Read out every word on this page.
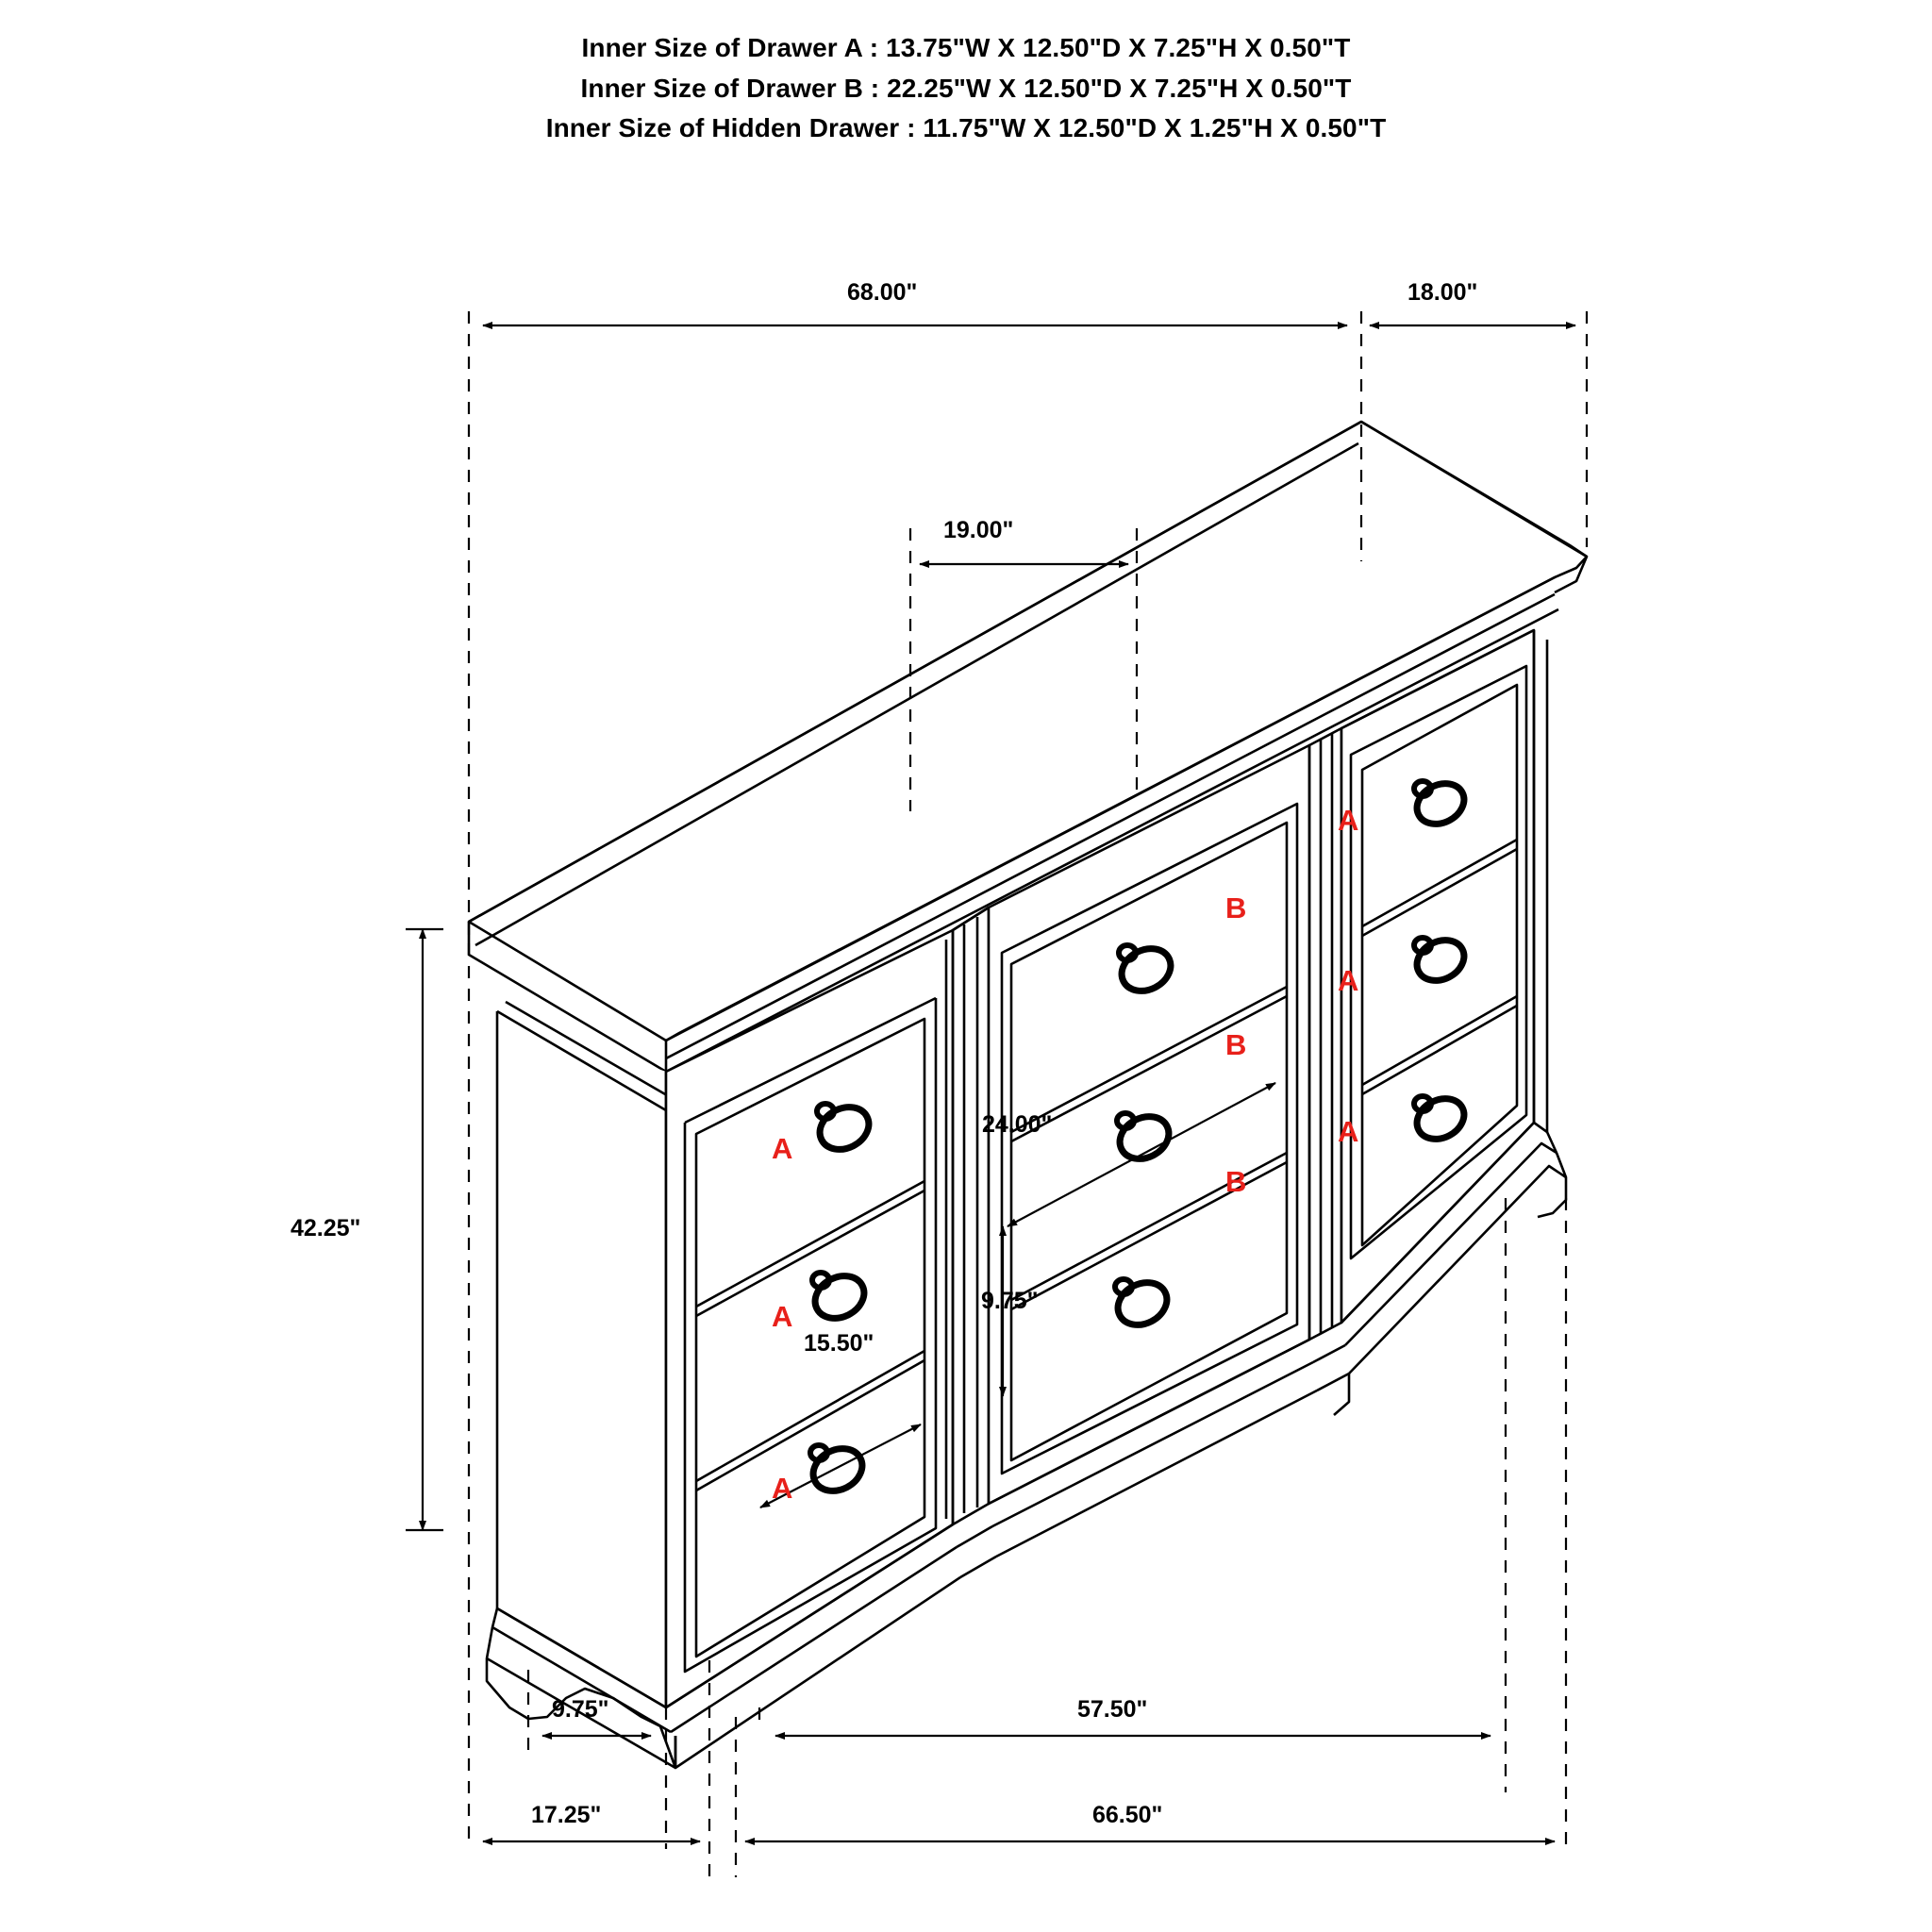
Inner Size of Drawer A : 13.75"W X 12.50"D X 7.25"H X 0.50"T
Inner Size of Drawer B : 22.25"W X 12.50"D X 7.25"H X 0.50"T
Inner Size of Hidden Drawer : 11.75"W X 12.50"D X 1.25"H X 0.50"T
68.00"	18.00"
19.00"
42.25"
24.00"
9.75"
15.50"
9.75"	57.50"
17.25"	66.50"
A
A
A
B
B
B
A
A
A
